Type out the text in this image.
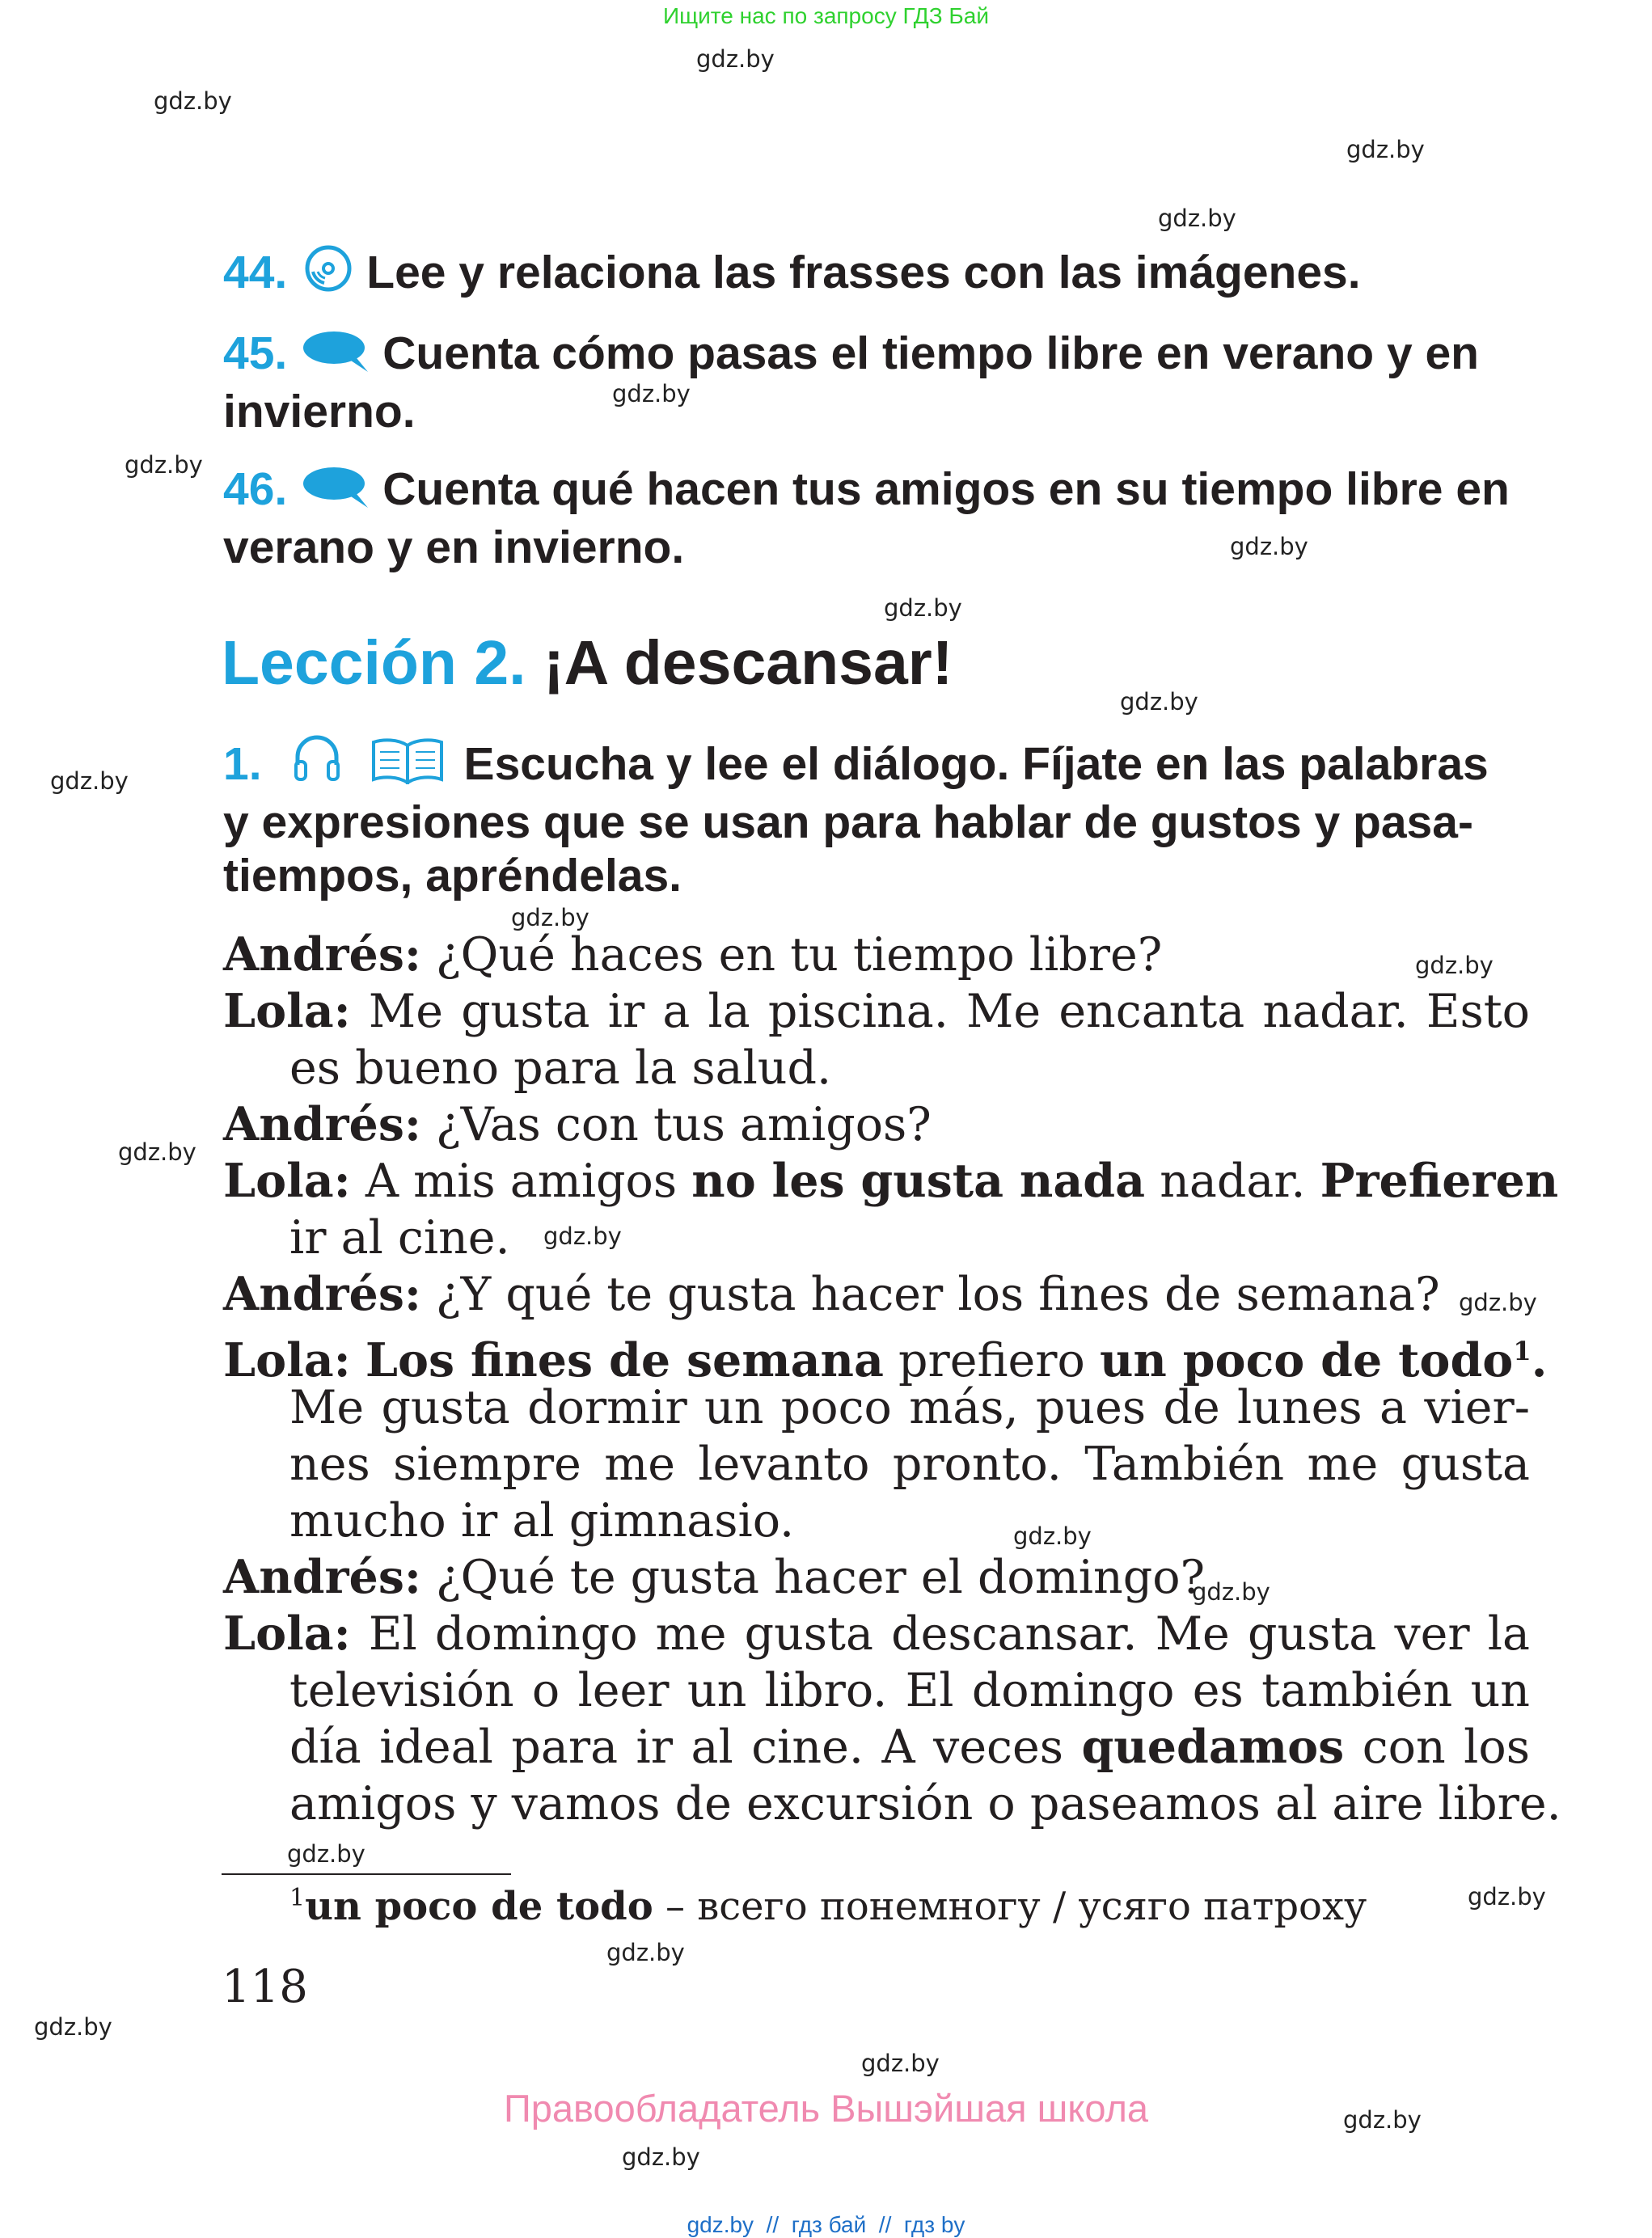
Ищите нас по запросу ГДЗ Бай
gdz.by
gdz.by
gdz.by
gdz.by
gdz.by
gdz.by
gdz.by
gdz.by
gdz.by
gdz.by
gdz.by
gdz.by
gdz.by
gdz.by
gdz.by
gdz.by
gdz.by
gdz.by
gdz.by
gdz.by
gdz.by
gdz.by
gdz.by
gdz.by
44. Lee y relaciona las frasses con las imágenes.
45. Cuenta cómo pasas el tiempo libre en verano y en invierno.
46. Cuenta qué hacen tus amigos en su tiempo libre en verano y en invierno.
Lección 2. ¡A descansar!
1.	Escucha y lee el diálogo. Fíjate en las palabras
y expresiones que se usan para hablar de gustos y pasa-
tiempos, apréndelas.
Andrés: ¿Qué haces en tu tiempo libre?
Lola: Me gusta ir a la piscina. Me encanta nadar. Esto
es bueno para la salud.
Andrés: ¿Vas con tus amigos?
Lola: A mis amigos no les gusta nada nadar. Prefieren
ir al cine.
Andrés: ¿Y qué te gusta hacer los fines de semana?
Lola: Los fines de semana prefiero un poco de todo$^1$.
Me gusta dormir un poco más, pues de lunes a vier-
nes siempre me levanto pronto. También me gusta
mucho ir al gimnasio.
Andrés: ¿Qué te gusta hacer el domingo?
Lola: El domingo me gusta descansar. Me gusta ver la
televisión o leer un libro. El domingo es también un
día ideal para ir al cine. A veces quedamos con los
amigos y vamos de excursión o paseamos al aire libre.
$^1$un poco de todo – всего понемногу / усяго патроху
118
Правообладатель Вышэйшая школа
gdz.by  //  гдз бай  //  гдз by
